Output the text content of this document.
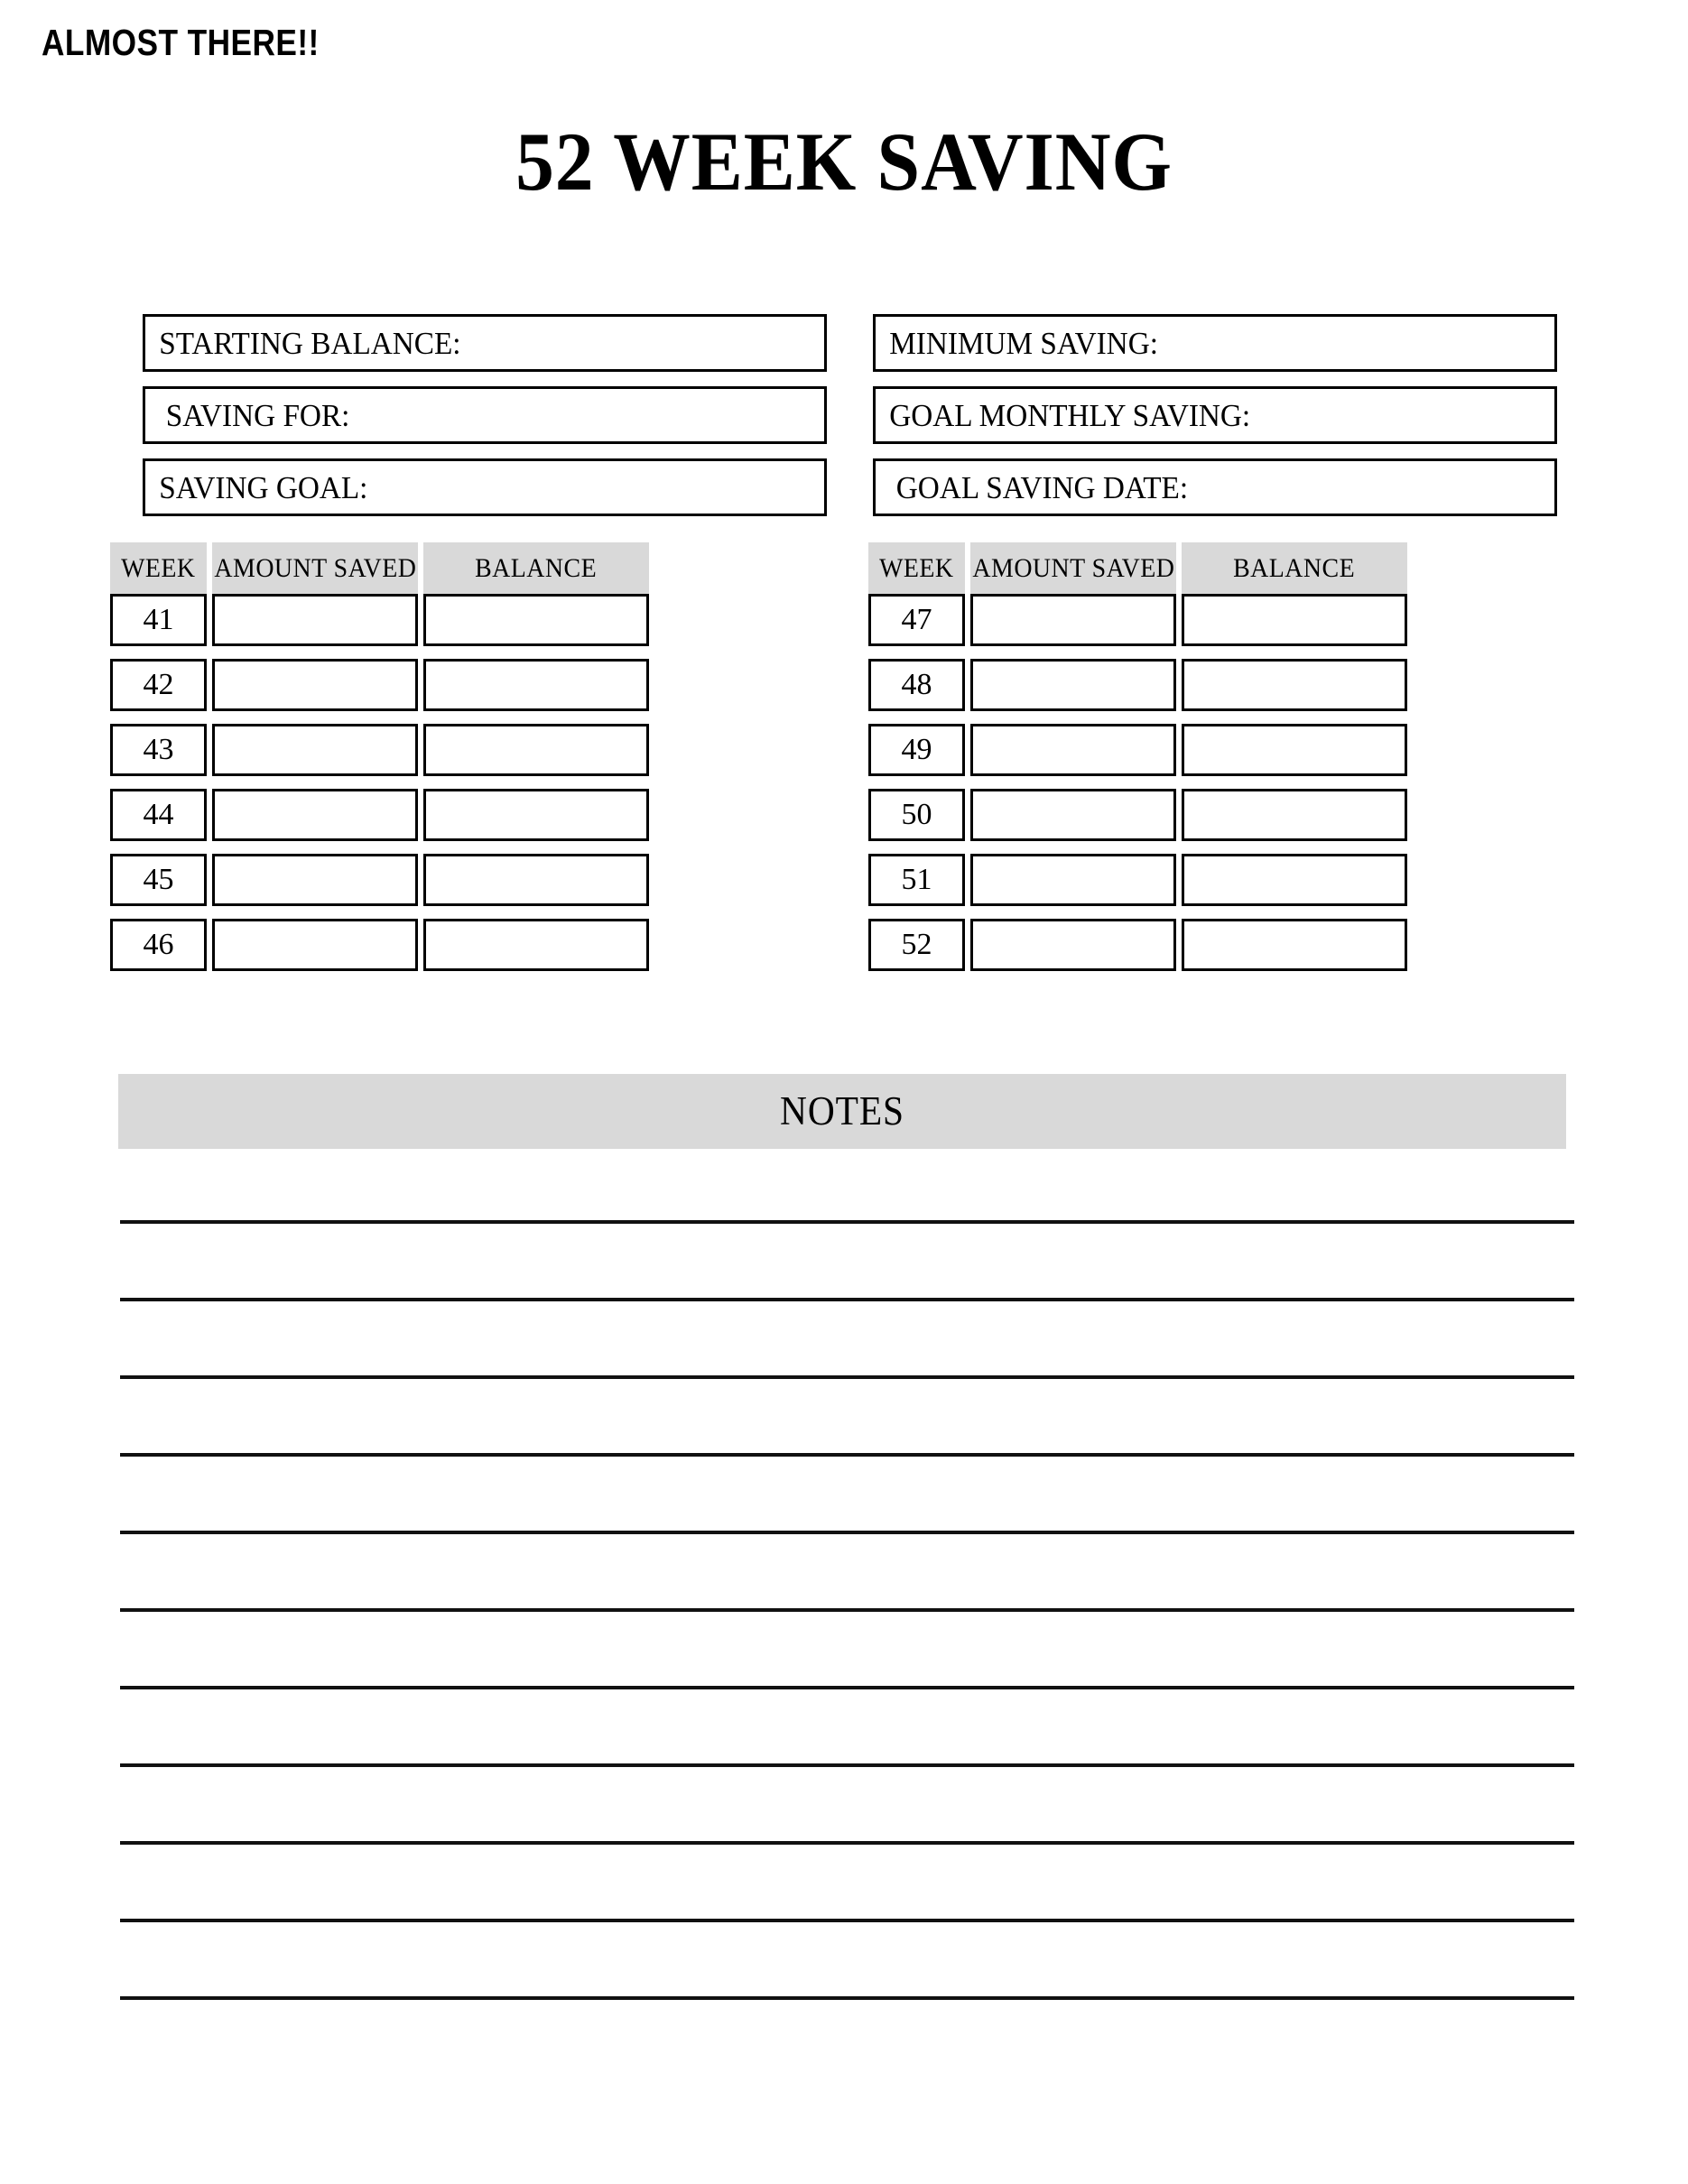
ALMOST THERE!!
52 WEEK SAVING
STARTING BALANCE:
SAVING FOR:
SAVING GOAL:
MINIMUM SAVING:
GOAL MONTHLY SAVING:
GOAL SAVING DATE:
WEEK AMOUNT SAVED BALANCE
41
42
43
44
45
46
WEEK AMOUNT SAVED BALANCE
47
48
49
50
51
52
NOTES
